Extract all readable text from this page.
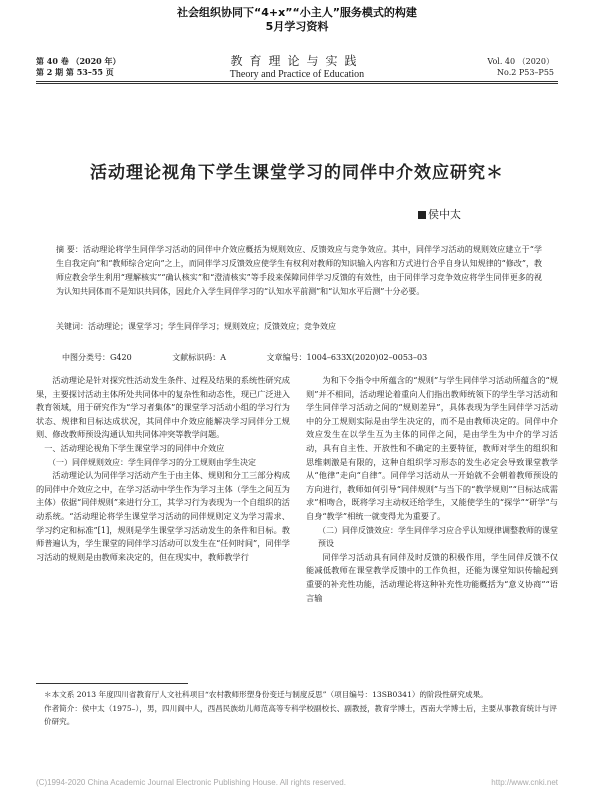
社会组织协同下“4+x”“小主人”服务模式的构建
5月学习资料
第 40 卷 （2020 年）
第 2 期 第 53–55 页
教育理论与实践
Theory and Practice of Education
Vol. 40 （2020）
No.2 P53–P55
活动理论视角下学生课堂学习的同伴中介效应研究＊
侯中太
摘 要：活动理论将学生同伴学习活动的同伴中介效应概括为规则效应、反馈效应与竞争效应。其中，同伴学习活动的规则效应建立于“学生自我定向”和“教师综合定向”之上，而同伴学习反馈效应使学生有权利对教师的知识输入内容和方式进行合乎自身认知规律的“修改”，教师应教会学生利用“理解核实”“确认核实”和“澄清核实”等手段来保障同伴学习反馈的有效性，由于同伴学习竞争效应将学生同伴更多的视为认知共同体而不是知识共同体，因此介入学生同伴学习的“认知水平前测”和“认知水平后测”十分必要。
关键词：活动理论；课堂学习；学生同伴学习；规则效应；反馈效应；竞争效应
中图分类号：G420	文献标识码：A	文章编号：1004–633X(2020)02–0053–03

活动理论是针对探究性活动发生条件、过程及结果的系统性研究成果，主要探讨活动主体所处共同体中的复杂性和动态性，现已广泛进入教育领域，用于研究作为“学习者集体”的课堂学习活动小组的学习行为状态、规律和目标达成状况，其同伴中介效应能解决学习同伴分工规则、修改教师预设沟通认知共同体冲突等教学问题。

一、活动理论视角下学生课堂学习的同伴中介效应

（一）同伴规则效应：学生同伴学习的分工规则由学生决定

活动理论认为同伴学习活动产生于由主体、规则和分工三部分构成的同伴中介效应之中，在学习活动中学生作为学习主体（学生之间互为主体）依据“同伴规则”来进行分工，其学习行为表现为一个自组织的活动系统。“活动理论将学生课堂学习活动的同伴规则定义为学习需求、学习约定和标准”[1]，规则是学生课堂学习活动发生的条件和目标。教师普遍认为，学生课堂的同伴学习活动可以发生在“任何时间”，同伴学习活动的规则是由教师来决定的，但在现实中，教师教学行

为和下令指令中所蕴含的“规则”与学生同伴学习活动所蕴含的“规则”并不相同，活动理论着重向人们指出教师统领下的学生学习活动和学生同伴学习活动之间的“规则差异”，具体表现为学生同伴学习活动中的分工规则实际是由学生决定的，而不是由教师决定的。同伴中介效应发生在以学生互为主体的同伴之间，是由学生为中介的学习活动，具有自主性、开放性和不确定的主要特征，教师对学生的组织和思维刺激是有限的，这种自组织学习形态的发生必定会导致课堂教学从“他律”走向“自律”。同伴学习活动从一开始就不会朝着教师预设的方向进行，教师如何引导“同伴规则”与当下的“教学规则”“目标达成需求”相吻合，既将学习主动权还给学生，又能使学生的“探学”“研学”与自身“教学”相统一就变得尤为重要了。

（二）同伴反馈效应：学生同伴学习应合乎认知规律调整教师的课堂预设

同伴学习活动具有同伴及时反馈的积极作用，学生同伴反馈不仅能减低教师在课堂教学反馈中的工作负担，还能为课堂知识传输起到重要的补充性功能，活动理论将这种补充性功能概括为“意义协商”“语言输

＊本文系 2013 年度四川省教育厅人文社科项目“农村教师形塑身份变迁与制度反思”（项目编号：13SB0341）的阶段性研究成果。

作者简介：侯中太（1975–），男，四川阆中人，西昌民族幼儿师范高等专科学校副校长、副教授，教育学博士，西南大学博士后，主要从事教育统计与评价研究。

(C)1994-2020 China Academic Journal Electronic Publishing House. All rights reserved.	http://www.cnki.net
